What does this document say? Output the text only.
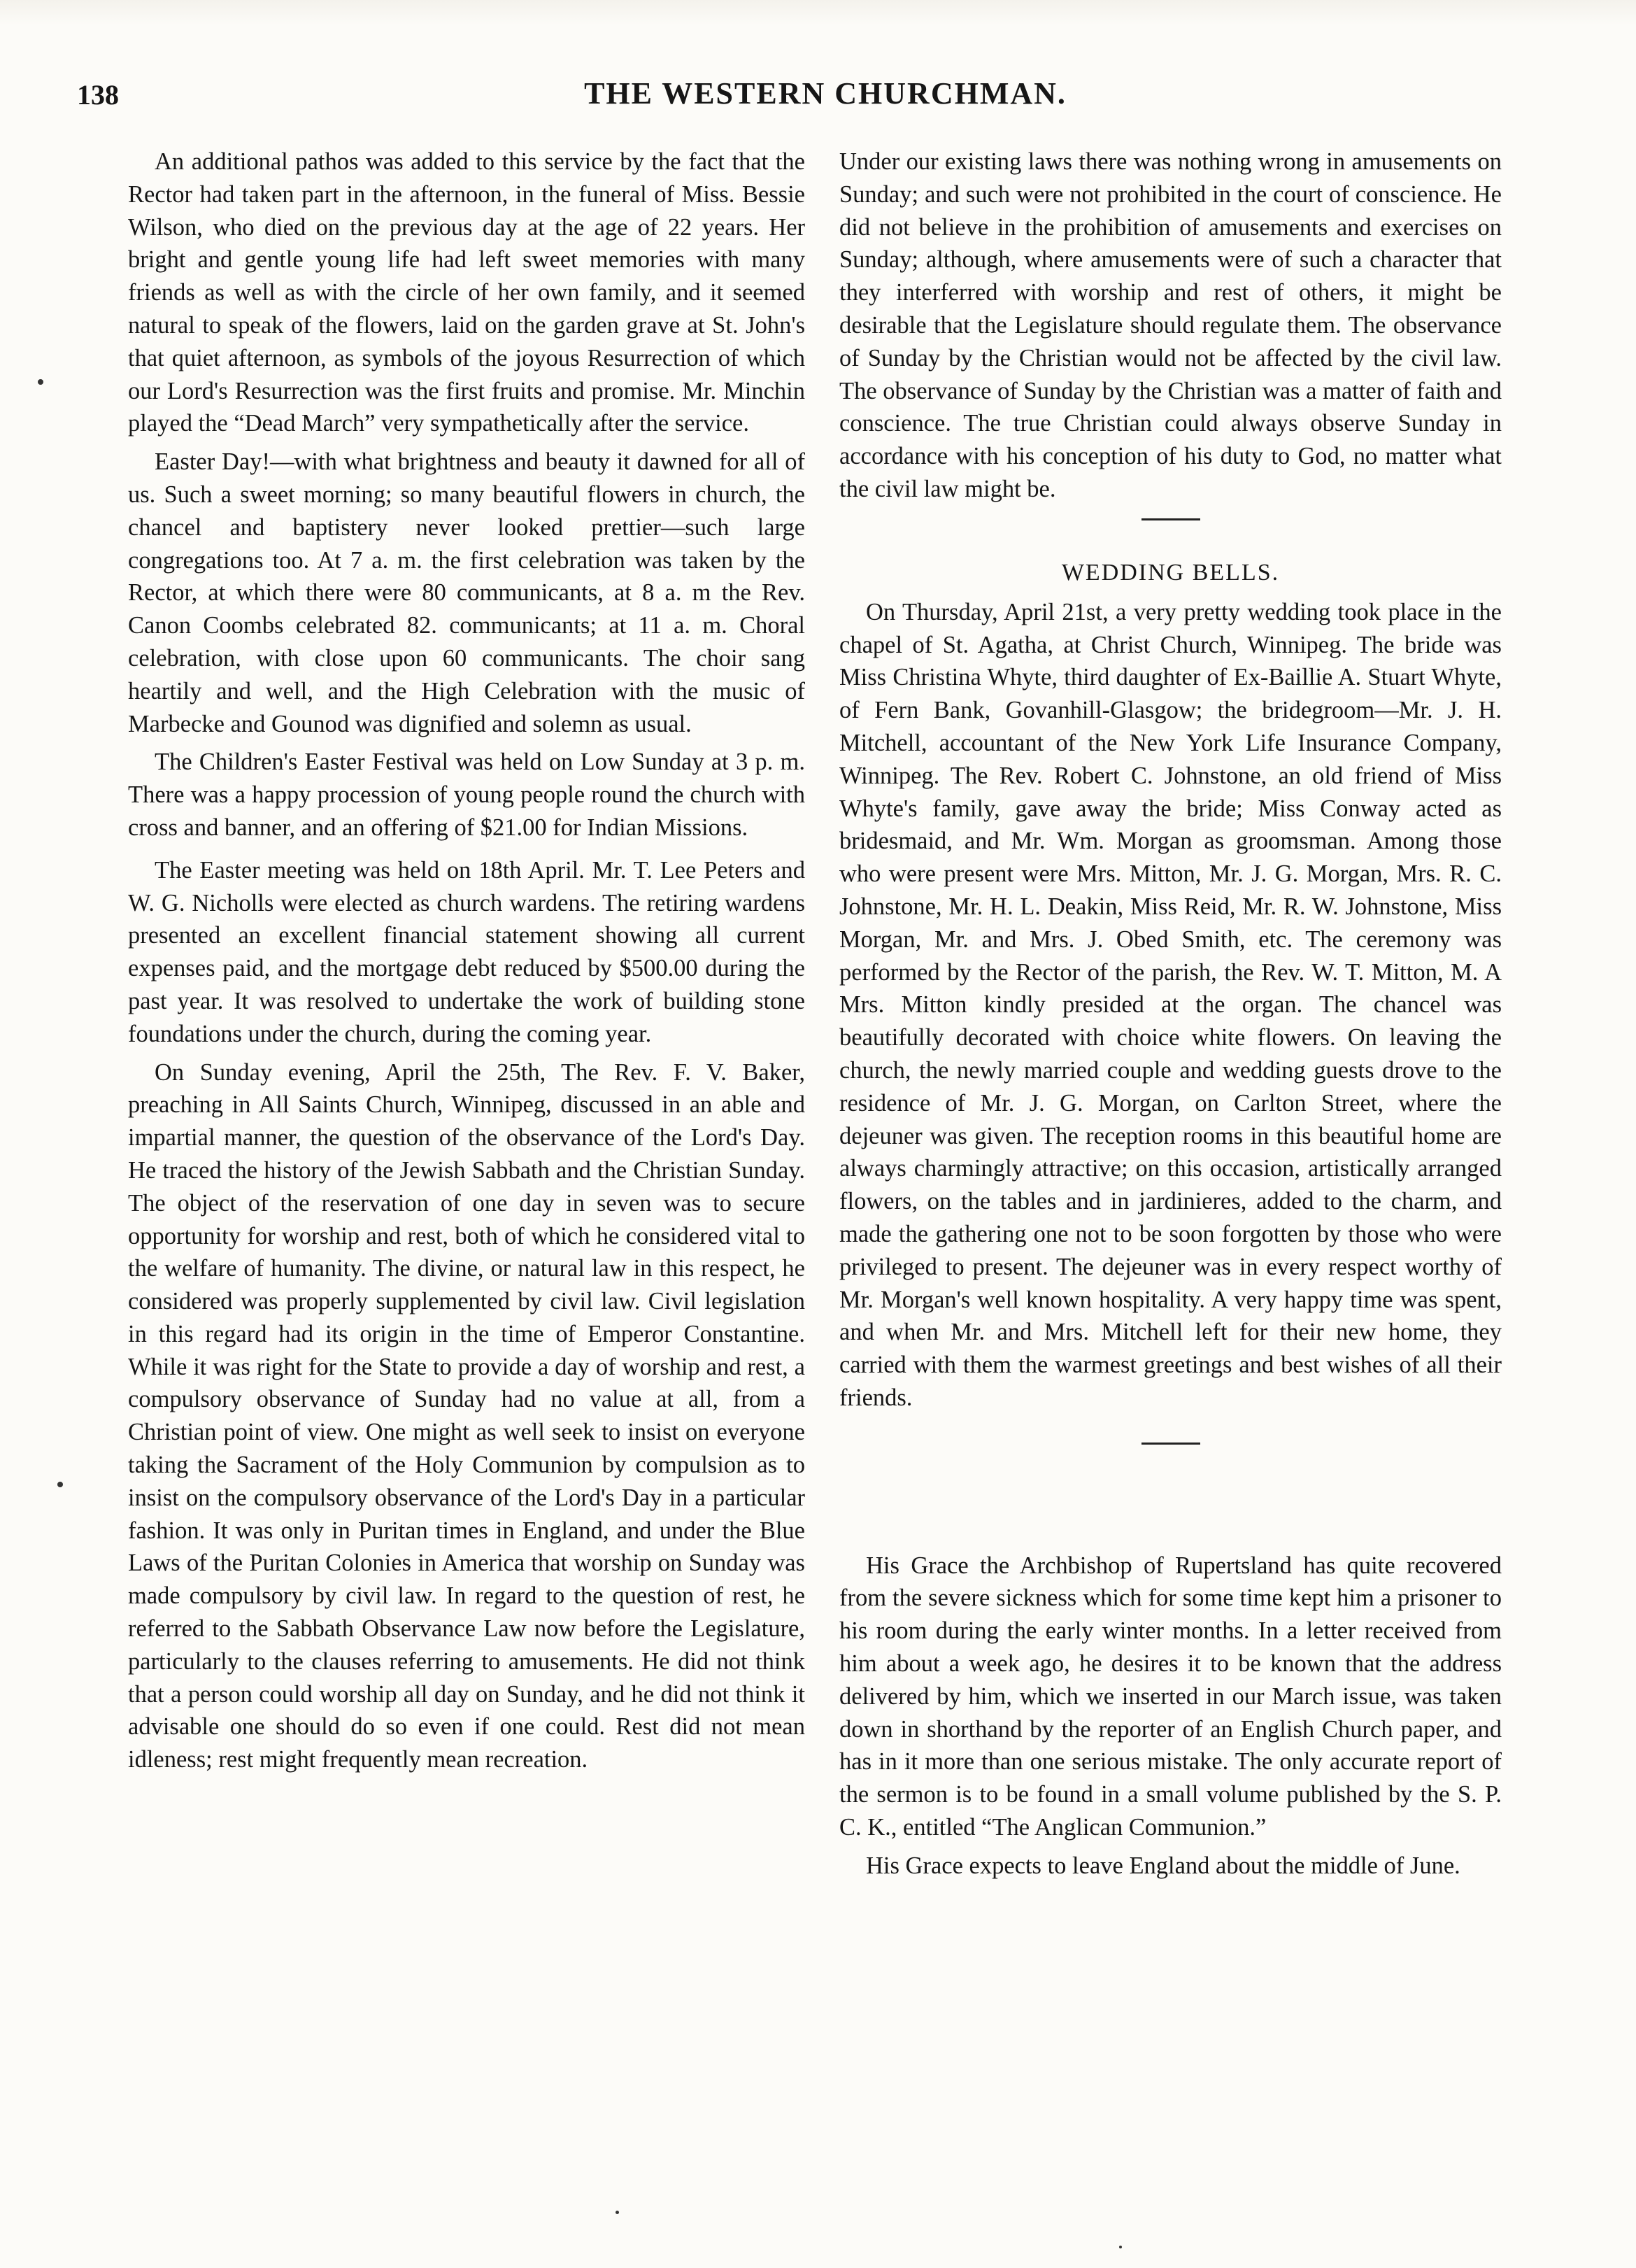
138	THE WESTERN CHURCHMAN.

An additional pathos was added to this service by the fact that the Rector had taken part in the afternoon, in the funeral of Miss. Bessie Wilson, who died on the previous day at the age of 22 years. Her bright and gentle young life had left sweet memories with many friends as well as with the circle of her own family, and it seemed natural to speak of the flowers, laid on the garden grave at St. John's that quiet afternoon, as symbols of the joyous Resurrection of which our Lord's Resurrection was the first fruits and promise. Mr. Minchin played the “Dead March” very sympathetically after the service.

Easter Day!—with what brightness and beauty it dawned for all of us. Such a sweet morning; so many beautiful flowers in church, the chancel and baptistery never looked prettier—such large congregations too. At 7 a. m. the first celebration was taken by the Rector, at which there were 80 communicants, at 8 a. m the Rev. Canon Coombs celebrated 82. communicants; at 11 a. m. Choral celebration, with close upon 60 communicants. The choir sang heartily and well, and the High Celebration with the music of Marbecke and Gounod was dignified and solemn as usual.

The Children's Easter Festival was held on Low Sunday at 3 p. m. There was a happy procession of young people round the church with cross and banner, and an offering of $21.00 for Indian Missions.

The Easter meeting was held on 18th April. Mr. T. Lee Peters and W. G. Nicholls were elected as church wardens. The retiring wardens presented an excellent financial statement showing all current expenses paid, and the mortgage debt reduced by $500.00 during the past year. It was resolved to undertake the work of building stone foundations under the church, during the coming year.

On Sunday evening, April the 25th, The Rev. F. V. Baker, preaching in All Saints Church, Winnipeg, discussed in an able and impartial manner, the question of the observance of the Lord's Day. He traced the history of the Jewish Sabbath and the Christian Sunday. The object of the reservation of one day in seven was to secure opportunity for worship and rest, both of which he considered vital to the welfare of humanity. The divine, or natural law in this respect, he considered was properly supplemented by civil law. Civil legislation in this regard had its origin in the time of Emperor Constantine. While it was right for the State to provide a day of worship and rest, a compulsory observance of Sunday had no value at all, from a Christian point of view. One might as well seek to insist on everyone taking the Sacrament of the Holy Communion by compulsion as to insist on the compulsory observance of the Lord's Day in a particular fashion. It was only in Puritan times in England, and under the Blue Laws of the Puritan Colonies in America that worship on Sunday was made compulsory by civil law. In regard to the question of rest, he referred to the Sabbath Observance Law now before the Legislature, particularly to the clauses referring to amusements. He did not think that a person could worship all day on Sunday, and he did not think it advisable one should do so even if one could. Rest did not mean idleness; rest might frequently mean recreation.

Under our existing laws there was nothing wrong in amusements on Sunday; and such were not prohibited in the court of conscience. He did not believe in the prohibition of amusements and exercises on Sunday; although, where amusements were of such a character that they interferred with worship and rest of others, it might be desirable that the Legislature should regulate them. The observance of Sunday by the Christian would not be affected by the civil law. The observance of Sunday by the Christian was a matter of faith and conscience. The true Christian could always observe Sunday in accordance with his conception of his duty to God, no matter what the civil law might be.

WEDDING BELLS.

On Thursday, April 21st, a very pretty wedding took place in the chapel of St. Agatha, at Christ Church, Winnipeg. The bride was Miss Christina Whyte, third daughter of Ex-Baillie A. Stuart Whyte, of Fern Bank, Govanhill-Glasgow; the bridegroom—Mr. J. H. Mitchell, accountant of the New York Life Insurance Company, Winnipeg. The Rev. Robert C. Johnstone, an old friend of Miss Whyte's family, gave away the bride; Miss Conway acted as bridesmaid, and Mr. Wm. Morgan as groomsman. Among those who were present were Mrs. Mitton, Mr. J. G. Morgan, Mrs. R. C. Johnstone, Mr. H. L. Deakin, Miss Reid, Mr. R. W. Johnstone, Miss Morgan, Mr. and Mrs. J. Obed Smith, etc. The ceremony was performed by the Rector of the parish, the Rev. W. T. Mitton, M. A Mrs. Mitton kindly presided at the organ. The chancel was beautifully decorated with choice white flowers. On leaving the church, the newly married couple and wedding guests drove to the residence of Mr. J. G. Morgan, on Carlton Street, where the dejeuner was given. The reception rooms in this beautiful home are always charmingly attractive; on this occasion, artistically arranged flowers, on the tables and in jardinieres, added to the charm, and made the gathering one not to be soon forgotten by those who were privileged to present. The dejeuner was in every respect worthy of Mr. Morgan's well known hospitality. A very happy time was spent, and when Mr. and Mrs. Mitchell left for their new home, they carried with them the warmest greetings and best wishes of all their friends.

His Grace the Archbishop of Rupertsland has quite recovered from the severe sickness which for some time kept him a prisoner to his room during the early winter months. In a letter received from him about a week ago, he desires it to be known that the address delivered by him, which we inserted in our March issue, was taken down in shorthand by the reporter of an English Church paper, and has in it more than one serious mistake. The only accurate report of the sermon is to be found in a small volume published by the S. P. C. K., entitled “The Anglican Communion.”

His Grace expects to leave England about the middle of June.
